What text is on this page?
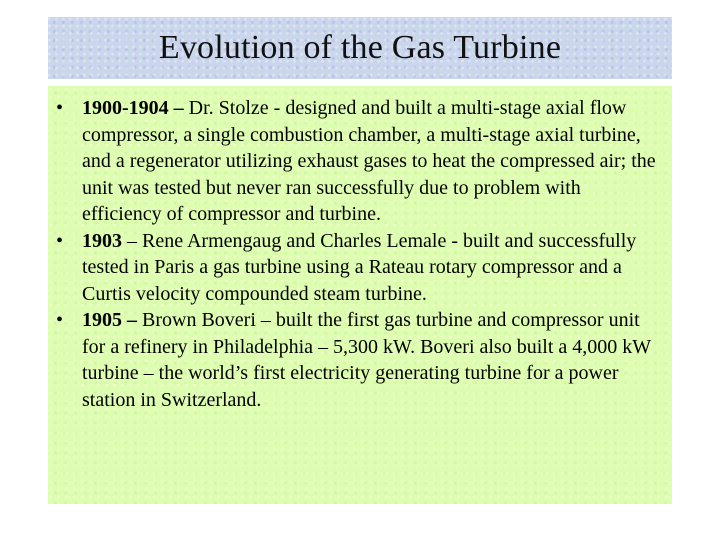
Evolution of the Gas Turbine
• 1900-1904 – Dr. Stolze - designed and built a multi-stage axial flow compressor, a single combustion chamber, a multi-stage axial turbine, and a regenerator utilizing exhaust gases to heat the compressed air; the unit was tested but never ran successfully due to problem with efficiency of compressor and turbine.
• 1903 – Rene Armengaug and Charles Lemale - built and successfully tested in Paris a gas turbine using a Rateau rotary compressor and a Curtis velocity compounded steam turbine.
• 1905 – Brown Boveri – built the first gas turbine and compressor unit for a refinery in Philadelphia – 5,300 kW. Boveri also built a 4,000 kW turbine – the world’s first electricity generating turbine for a power station in Switzerland.
